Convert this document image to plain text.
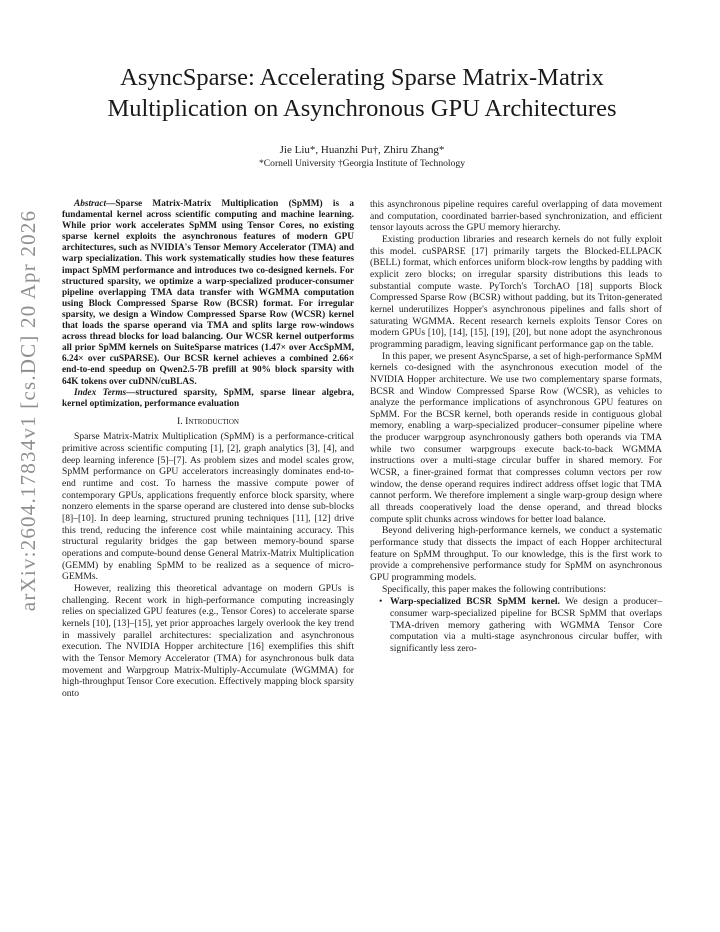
arXiv:2604.17834v1 [cs.DC] 20 Apr 2026
AsyncSparse: Accelerating Sparse Matrix-Matrix
Multiplication on Asynchronous GPU Architectures
Jie Liu*, Huanzhi Pu†, Zhiru Zhang*
*Cornell University †Georgia Institute of Technology

Abstract—Sparse Matrix-Matrix Multiplication (SpMM) is a fundamental kernel across scientific computing and machine learning. While prior work accelerates SpMM using Tensor Cores, no existing sparse kernel exploits the asynchronous features of modern GPU architectures, such as NVIDIA's Tensor Memory Accelerator (TMA) and warp specialization. This work systematically studies how these features impact SpMM performance and introduces two co-designed kernels. For structured sparsity, we optimize a warp-specialized producer-consumer pipeline overlapping TMA data transfer with WGMMA computation using Block Compressed Sparse Row (BCSR) format. For irregular sparsity, we design a Window Compressed Sparse Row (WCSR) kernel that loads the sparse operand via TMA and splits large row-windows across thread blocks for load balancing. Our WCSR kernel outperforms all prior SpMM kernels on SuiteSparse matrices (1.47× over AccSpMM, 6.24× over cuSPARSE). Our BCSR kernel achieves a combined 2.66× end-to-end speedup on Qwen2.5-7B prefill at 90% block sparsity with 64K tokens over cuDNN/cuBLAS.

Index Terms—structured sparsity, SpMM, sparse linear algebra, kernel optimization, performance evaluation

I. Introduction

Sparse Matrix-Matrix Multiplication (SpMM) is a performance-critical primitive across scientific computing [1], [2], graph analytics [3], [4], and deep learning inference [5]–[7]. As problem sizes and model scales grow, SpMM performance on GPU accelerators increasingly dominates end-to-end runtime and cost. To harness the massive compute power of contemporary GPUs, applications frequently enforce block sparsity, where nonzero elements in the sparse operand are clustered into dense sub-blocks [8]–[10]. In deep learning, structured pruning techniques [11], [12] drive this trend, reducing the inference cost while maintaining accuracy. This structural regularity bridges the gap between memory-bound sparse operations and compute-bound dense General Matrix-Matrix Multiplication (GEMM) by enabling SpMM to be realized as a sequence of micro-GEMMs.

However, realizing this theoretical advantage on modern GPUs is challenging. Recent work in high-performance computing increasingly relies on specialized GPU features (e.g., Tensor Cores) to accelerate sparse kernels [10], [13]–[15], yet prior approaches largely overlook the key trend in massively parallel architectures: specialization and asynchronous execution. The NVIDIA Hopper architecture [16] exemplifies this shift with the Tensor Memory Accelerator (TMA) for asynchronous bulk data movement and Warpgroup Matrix-Multiply-Accumulate (WGMMA) for high-throughput Tensor Core execution. Effectively mapping block sparsity onto

this asynchronous pipeline requires careful overlapping of data movement and computation, coordinated barrier-based synchronization, and efficient tensor layouts across the GPU memory hierarchy.

Existing production libraries and research kernels do not fully exploit this model. cuSPARSE [17] primarily targets the Blocked-ELLPACK (BELL) format, which enforces uniform block-row lengths by padding with explicit zero blocks; on irregular sparsity distributions this leads to substantial compute waste. PyTorch's TorchAO [18] supports Block Compressed Sparse Row (BCSR) without padding, but its Triton-generated kernel underutilizes Hopper's asynchronous pipelines and falls short of saturating WGMMA. Recent research kernels exploits Tensor Cores on modern GPUs [10], [14], [15], [19], [20], but none adopt the asynchronous programming paradigm, leaving significant performance gap on the table.

In this paper, we present AsyncSparse, a set of high-performance SpMM kernels co-designed with the asynchronous execution model of the NVIDIA Hopper architecture. We use two complementary sparse formats, BCSR and Window Compressed Sparse Row (WCSR), as vehicles to analyze the performance implications of asynchronous GPU features on SpMM. For the BCSR kernel, both operands reside in contiguous global memory, enabling a warp-specialized producer–consumer pipeline where the producer warpgroup asynchronously gathers both operands via TMA while two consumer warpgroups execute back-to-back WGMMA instructions over a multi-stage circular buffer in shared memory. For WCSR, a finer-grained format that compresses column vectors per row window, the dense operand requires indirect address offset logic that TMA cannot perform. We therefore implement a single warp-group design where all threads cooperatively load the dense operand, and thread blocks compute split chunks across windows for better load balance.

Beyond delivering high-performance kernels, we conduct a systematic performance study that dissects the impact of each Hopper architectural feature on SpMM throughput. To our knowledge, this is the first work to provide a comprehensive performance study for SpMM on asynchronous GPU programming models.

Specifically, this paper makes the following contributions:

• Warp-specialized BCSR SpMM kernel. We design a producer–consumer warp-specialized pipeline for BCSR SpMM that overlaps TMA-driven memory gathering with WGMMA Tensor Core computation via a multi-stage asynchronous circular buffer, with significantly less zero-
